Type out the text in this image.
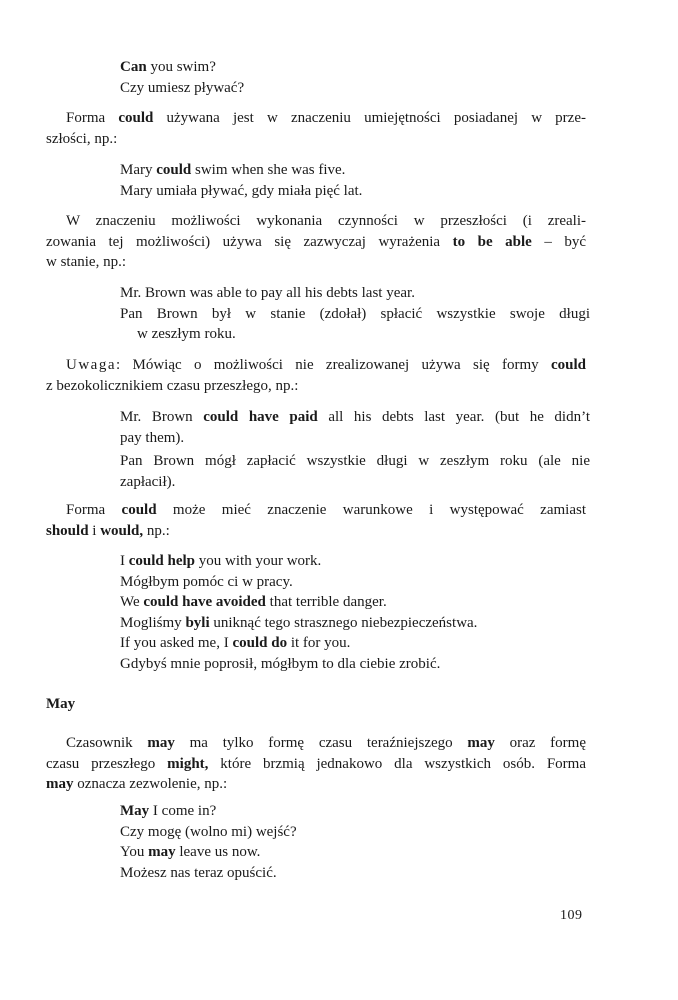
Can you swim?
Czy umiesz pływać?
Forma could używana jest w znaczeniu umiejętności posiadanej w prze-
szłości, np.:
Mary could swim when she was five.
Mary umiała pływać, gdy miała pięć lat.
W znaczeniu możliwości wykonania czynności w przeszłości (i zreali-
zowania tej możliwości) używa się zazwyczaj wyrażenia to be able – być
w stanie, np.:
Mr. Brown was able to pay all his debts last year.
Pan Brown był w stanie (zdołał) spłacić wszystkie swoje długi
w zeszłym roku.
Uwaga: Mówiąc o możliwości nie zrealizowanej używa się formy could
z bezokolicznikiem czasu przeszłego, np.:
Mr. Brown could have paid all his debts last year. (but he didn’t
pay them).
Pan Brown mógł zapłacić wszystkie długi w zeszłym roku (ale nie
zapłacił).
Forma could może mieć znaczenie warunkowe i występować zamiast
should i would, np.:
I could help you with your work.
Mógłbym pomóc ci w pracy.
We could have avoided that terrible danger.
Mogliśmy byli uniknąć tego strasznego niebezpieczeństwa.
If you asked me, I could do it for you.
Gdybyś mnie poprosił, mógłbym to dla ciebie zrobić.
May
Czasownik may ma tylko formę czasu teraźniejszego may oraz formę
czasu przeszłego might, które brzmią jednakowo dla wszystkich osób. Forma
may oznacza zezwolenie, np.:
May I come in?
Czy mogę (wolno mi) wejść?
You may leave us now.
Możesz nas teraz opuścić.
109
